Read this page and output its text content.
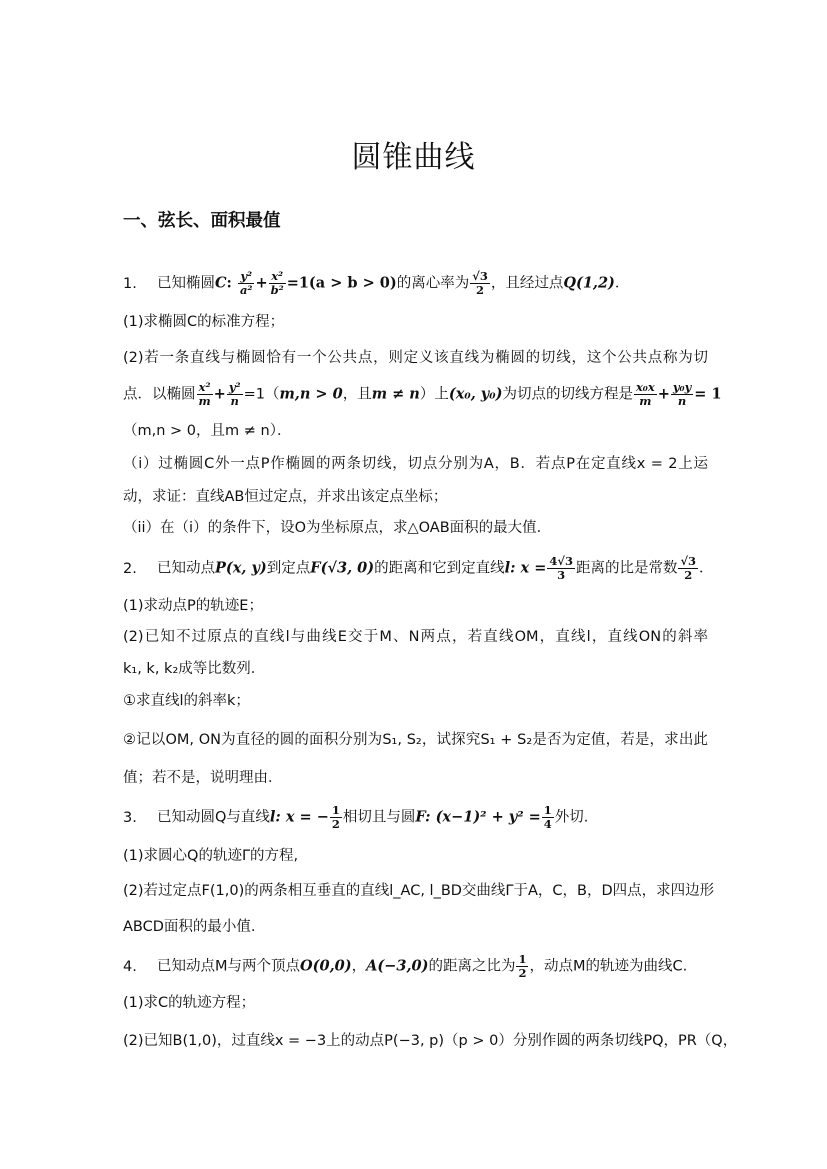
圆锥曲线
一、弦长、面积最值
1. 已知椭圆C: $\frac{\text{y²}}{\text{a²}} + \frac{\text{x²}}{\text{b²}} =1(a > b > 0)$的离心率为 $\frac{√3}{2}$ ，且经过点Q(1,2)．
(1)求椭圆C的标准方程；
(2)若一条直线与椭圆恰有一个公共点，则定义该直线为椭圆的切线，这个公共点称为切
点．以椭圆 $\frac{\text{x²}}{m} + \frac{\text{y²}}{n} =1(m,n > 0$，且m ≠ n）上(x₀, y₀)为切点的切线方程是 $\frac{\text{x₀x}}{m} + \frac{\text{y₀y}}{n} = 1$
（m,n > 0，且m ≠ n）．
（i）过椭圆C外一点P作椭圆的两条切线，切点分别为A，B．若点P在定直线x = 2上运
动，求证：直线AB恒过定点，并求出该定点坐标；
（ii）在（i）的条件下，设O为坐标原点，求△OAB面积的最大值．
2. 已知动点P(x, y)到定点F(√3, 0)的距离和它到定直线l: $x = \frac{4√3}{3}$ 距离的比是常数 $\frac{√3}{2}$ ．
(1)求动点P的轨迹E；
(2)已知不过原点的直线l与曲线E交于M、N两点，若直线OM，直线l，直线ON的斜率
k₁, k, k₂成等比数列．
①求直线l的斜率k；
②记以OM, ON为直径的圆的面积分别为S₁, S₂，试探究S₁ + S₂是否为定值，若是，求出此
值；若不是，说明理由．
3. 已知动圆Q与直线l: x = − $\frac{1}{2}$ 相切且与圆F: $(x-1)^2 + y^2 = \frac{1}{4}$ 外切.
(1)求圆心Q的轨迹Γ的方程,
(2)若过定点F(1,0)的两条相互垂直的直线l_AC, l_BD交曲线Γ于A，C，B，D四点，求四边形
ABCD面积的最小值.
4. 已知动点M与两个顶点O(0,0)，A(−3,0)的距离之比为 $\frac{1}{2}$ ，动点M的轨迹为曲线C.
(1)求C的轨迹方程；
(2)已知B(1,0)，过直线x = −3上的动点P(−3, p)（p > 0）分别作圆的两条切线PQ，PR（Q，
